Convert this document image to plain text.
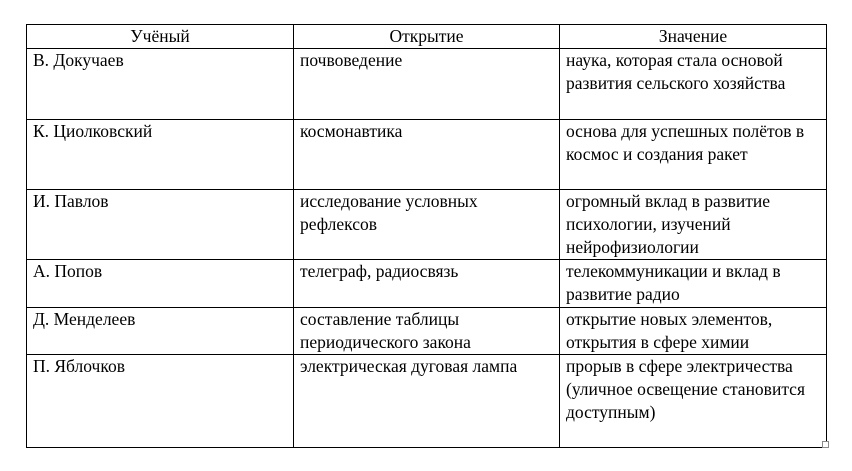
Учёный	Открытие	Значение

В. Докучаев	почвоведение	наука, которая стала основой развития сельского хозяйства

К. Циолковский	космонавтика	основа для успешных полётов в космос и создания ракет

И. Павлов	исследование условных рефлексов	огромный вклад в развитие психологии, изучений нейрофизиологии

А. Попов	телеграф, радиосвязь	телекоммуникации и вклад в развитие радио

Д. Менделеев	составление таблицы периодического закона	открытие новых элементов, открытия в сфере химии

П. Яблочков	электрическая дуговая лампа	прорыв в сфере электричества (уличное освещение становится доступным)
